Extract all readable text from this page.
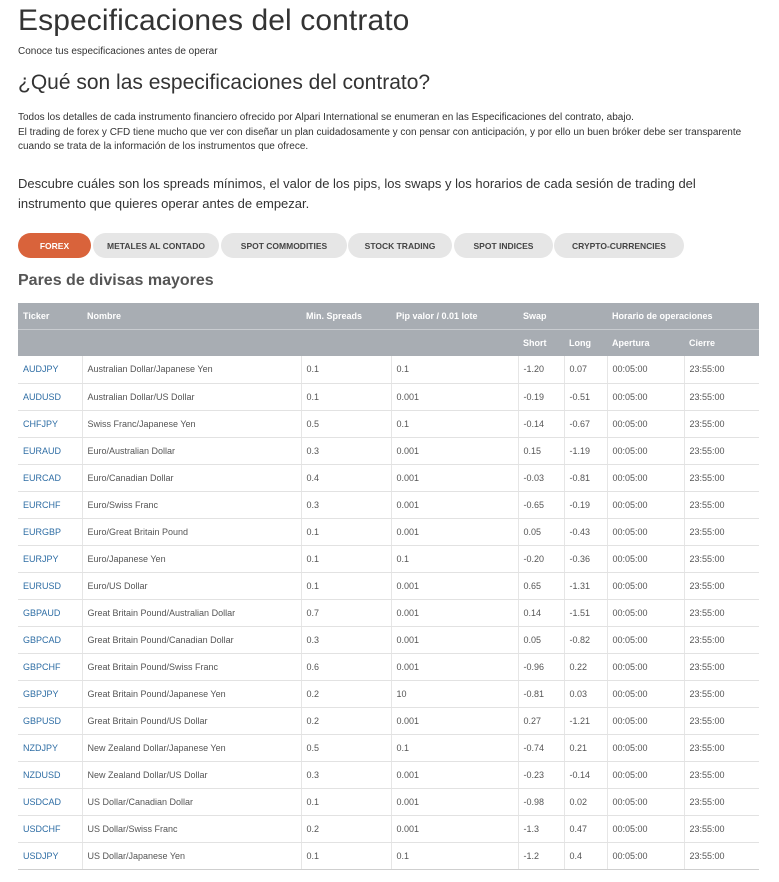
Especificaciones del contrato
Conoce tus especificaciones antes de operar
¿Qué son las especificaciones del contrato?
Todos los detalles de cada instrumento financiero ofrecido por Alpari International se enumeran en las Especificaciones del contrato, abajo.
El trading de forex y CFD tiene mucho que ver con diseñar un plan cuidadosamente y con pensar con anticipación, y por ello un buen bróker debe ser transparente cuando se trata de la información de los instrumentos que ofrece.
Descubre cuáles son los spreads mínimos, el valor de los pips, los swaps y los horarios de cada sesión de trading del instrumento que quieres operar antes de empezar.
FOREX	METALES AL CONTADO	SPOT COMMODITIES	STOCK TRADING	SPOT INDICES	CRYPTO-CURRENCIES
Pares de divisas mayores
Ticker	Nombre	Min. Spreads	Pip valor / 0.01 lote	Swap		Horario de operaciones	
				Short	Long	Apertura	Cierre
AUDJPY	Australian Dollar/Japanese Yen	0.1	0.1	-1.20	0.07	00:05:00	23:55:00
AUDUSD	Australian Dollar/US Dollar	0.1	0.001	-0.19	-0.51	00:05:00	23:55:00
CHFJPY	Swiss Franc/Japanese Yen	0.5	0.1	-0.14	-0.67	00:05:00	23:55:00
EURAUD	Euro/Australian Dollar	0.3	0.001	0.15	-1.19	00:05:00	23:55:00
EURCAD	Euro/Canadian Dollar	0.4	0.001	-0.03	-0.81	00:05:00	23:55:00
EURCHF	Euro/Swiss Franc	0.3	0.001	-0.65	-0.19	00:05:00	23:55:00
EURGBP	Euro/Great Britain Pound	0.1	0.001	0.05	-0.43	00:05:00	23:55:00
EURJPY	Euro/Japanese Yen	0.1	0.1	-0.20	-0.36	00:05:00	23:55:00
EURUSD	Euro/US Dollar	0.1	0.001	0.65	-1.31	00:05:00	23:55:00
GBPAUD	Great Britain Pound/Australian Dollar	0.7	0.001	0.14	-1.51	00:05:00	23:55:00
GBPCAD	Great Britain Pound/Canadian Dollar	0.3	0.001	0.05	-0.82	00:05:00	23:55:00
GBPCHF	Great Britain Pound/Swiss Franc	0.6	0.001	-0.96	0.22	00:05:00	23:55:00
GBPJPY	Great Britain Pound/Japanese Yen	0.2	10	-0.81	0.03	00:05:00	23:55:00
GBPUSD	Great Britain Pound/US Dollar	0.2	0.001	0.27	-1.21	00:05:00	23:55:00
NZDJPY	New Zealand Dollar/Japanese Yen	0.5	0.1	-0.74	0.21	00:05:00	23:55:00
NZDUSD	New Zealand Dollar/US Dollar	0.3	0.001	-0.23	-0.14	00:05:00	23:55:00
USDCAD	US Dollar/Canadian Dollar	0.1	0.001	-0.98	0.02	00:05:00	23:55:00
USDCHF	US Dollar/Swiss Franc	0.2	0.001	-1.3	0.47	00:05:00	23:55:00
USDJPY	US Dollar/Japanese Yen	0.1	0.1	-1.2	0.4	00:05:00	23:55:00
